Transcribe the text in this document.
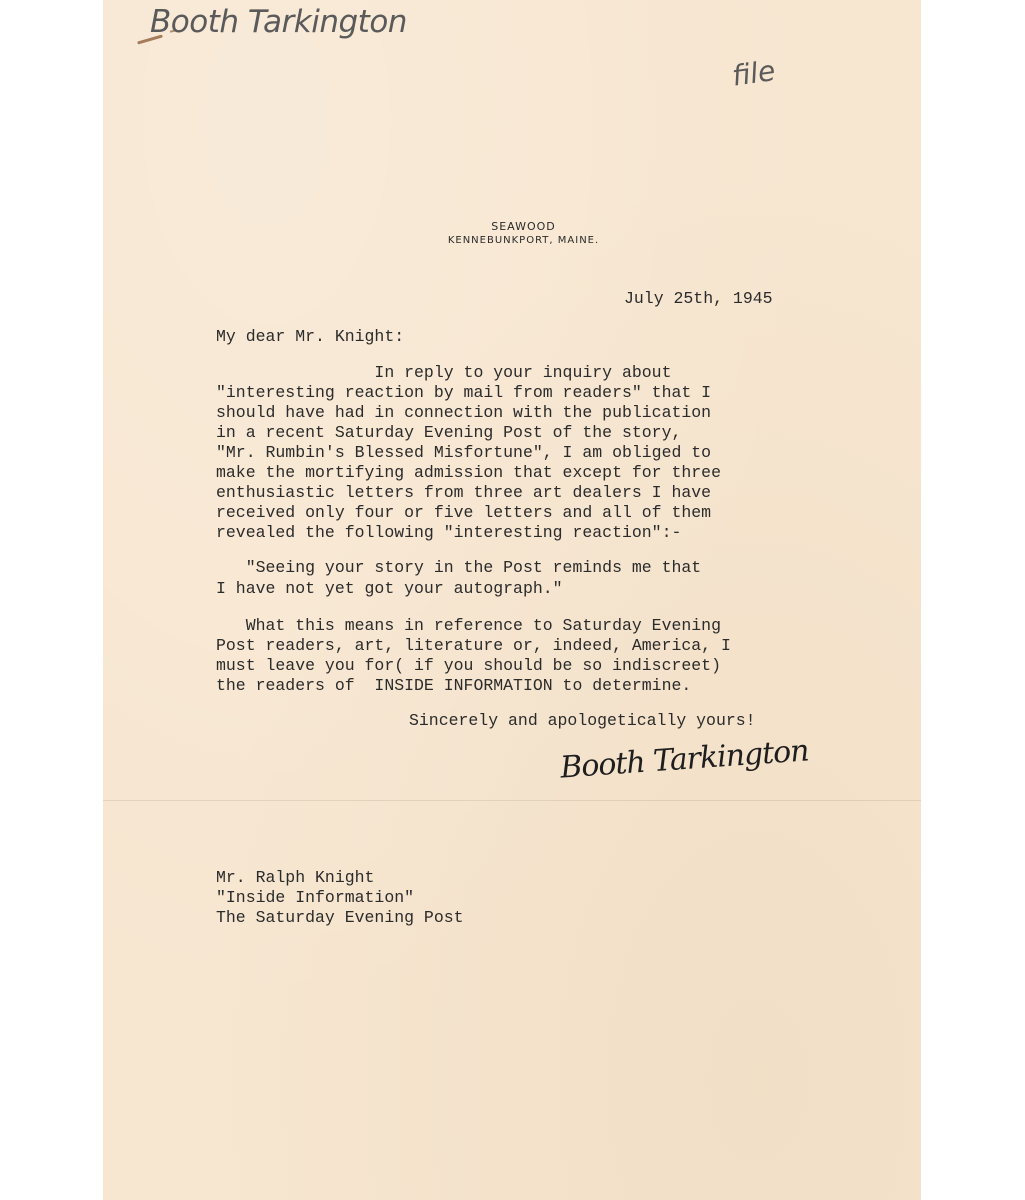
Booth Tarkington
file
SEAWOOD
KENNEBUNKPORT, MAINE.
July 25th, 1945
My dear Mr. Knight:
In reply to your inquiry about
"interesting reaction by mail from readers" that I
should have had in connection with the publication
in a recent Saturday Evening Post of the story,
"Mr. Rumbin's Blessed Misfortune", I am obliged to
make the mortifying admission that except for three
enthusiastic letters from three art dealers I have
received only four or five letters and all of them
revealed the following "interesting reaction":-
"Seeing your story in the Post reminds me that
I have not yet got your autograph."
What this means in reference to Saturday Evening
Post readers, art, literature or, indeed, America, I
must leave you for( if you should be so indiscreet)
the readers of  INSIDE INFORMATION to determine.
Sincerely and apologetically yours!
Booth Tarkington
Mr. Ralph Knight
"Inside Information"
The Saturday Evening Post
